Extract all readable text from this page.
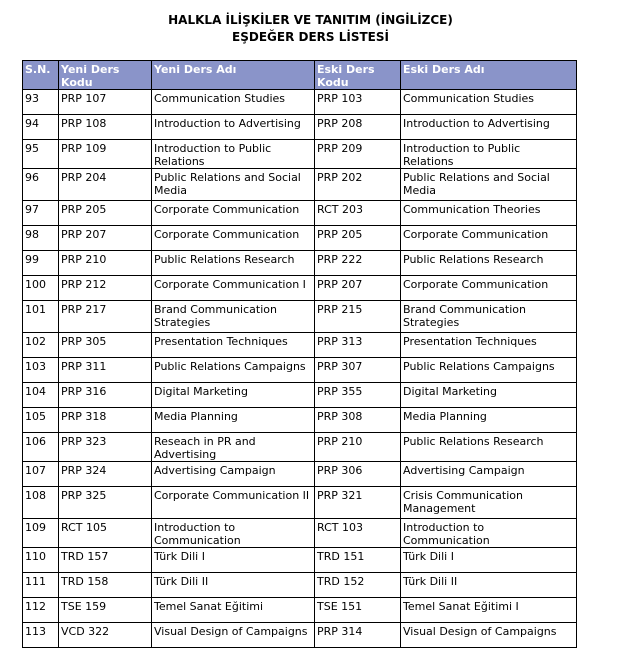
HALKLA İLİŞKİLER VE TANITIM (İNGİLİZCE)
EŞDEĞER DERS LİSTESİ
S.N.	Yeni Ders Kodu	Yeni Ders Adı	Eski Ders Kodu	Eski Ders Adı
93	PRP 107	Communication Studies	PRP 103	Communication Studies
94	PRP 108	Introduction to Advertising	PRP 208	Introduction to Advertising
95	PRP 109	Introduction to Public Relations	PRP 209	Introduction to Public Relations
96	PRP 204	Public Relations and Social Media	PRP 202	Public Relations and Social Media
97	PRP 205	Corporate Communication	RCT 203	Communication Theories
98	PRP 207	Corporate Communication	PRP 205	Corporate Communication
99	PRP 210	Public Relations Research	PRP 222	Public Relations Research
100	PRP 212	Corporate Communication I	PRP 207	Corporate Communication
101	PRP 217	Brand Communication Strategies	PRP 215	Brand Communication Strategies
102	PRP 305	Presentation Techniques	PRP 313	Presentation Techniques
103	PRP 311	Public Relations Campaigns	PRP 307	Public Relations Campaigns
104	PRP 316	Digital Marketing	PRP 355	Digital Marketing
105	PRP 318	Media Planning	PRP 308	Media Planning
106	PRP 323	Reseach in PR and Advertising	PRP 210	Public Relations Research
107	PRP 324	Advertising Campaign	PRP 306	Advertising Campaign
108	PRP 325	Corporate Communication II	PRP 321	Crisis Communication Management
109	RCT 105	Introduction to Communication	RCT 103	Introduction to Communication
110	TRD 157	Türk Dili I	TRD 151	Türk Dili I
111	TRD 158	Türk Dili II	TRD 152	Türk Dili II
112	TSE 159	Temel Sanat Eğitimi	TSE 151	Temel Sanat Eğitimi I
113	VCD 322	Visual Design of Campaigns	PRP 314	Visual Design of Campaigns
